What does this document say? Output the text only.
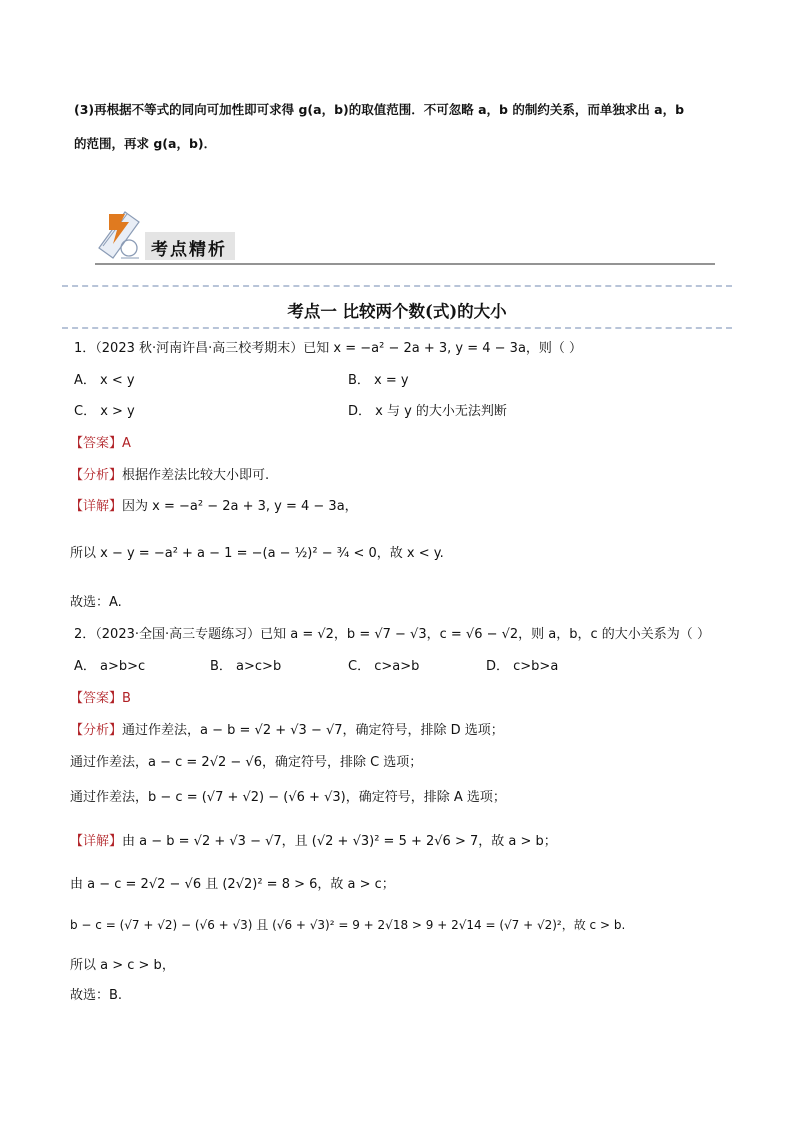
(3)再根据不等式的同向可加性即可求得 g(a，b)的取值范围．不可忽略 a，b 的制约关系，而单独求出 a，b
的范围，再求 g(a，b)．
考点精析
考点一 比较两个数(式)的大小
1．（2023 秋·河南许昌·高三校考期末）已知 x = −a² − 2a + 3, y = 4 − 3a，则（ ）
A． x < y	B． x = y
C． x > y	D． x 与 y 的大小无法判断
【答案】A
【分析】根据作差法比较大小即可.
【详解】因为 x = −a² − 2a + 3, y = 4 − 3a，
所以 x − y = −a² + a − 1 = −(a − ½)² − ¾ < 0，故 x < y.
故选：A.
2．（2023·全国·高三专题练习）已知 a = √2，b = √7 − √3，c = √6 − √2，则 a，b，c 的大小关系为（ ）
A． a>b>c	B． a>c>b	C． c>a>b	D． c>b>a
【答案】B
【分析】通过作差法，a − b = √2 + √3 − √7，确定符号，排除 D 选项；
通过作差法，a − c = 2√2 − √6，确定符号，排除 C 选项；
通过作差法，b − c = (√7 + √2) − (√6 + √3)，确定符号，排除 A 选项；
【详解】由 a − b = √2 + √3 − √7，且 (√2 + √3)² = 5 + 2√6 > 7，故 a > b；
由 a − c = 2√2 − √6 且 (2√2)² = 8 > 6，故 a > c；
b − c = (√7 + √2) − (√6 + √3) 且 (√6 + √3)² = 9 + 2√18 > 9 + 2√14 = (√7 + √2)²，故 c > b.
所以 a > c > b，
故选：B.
